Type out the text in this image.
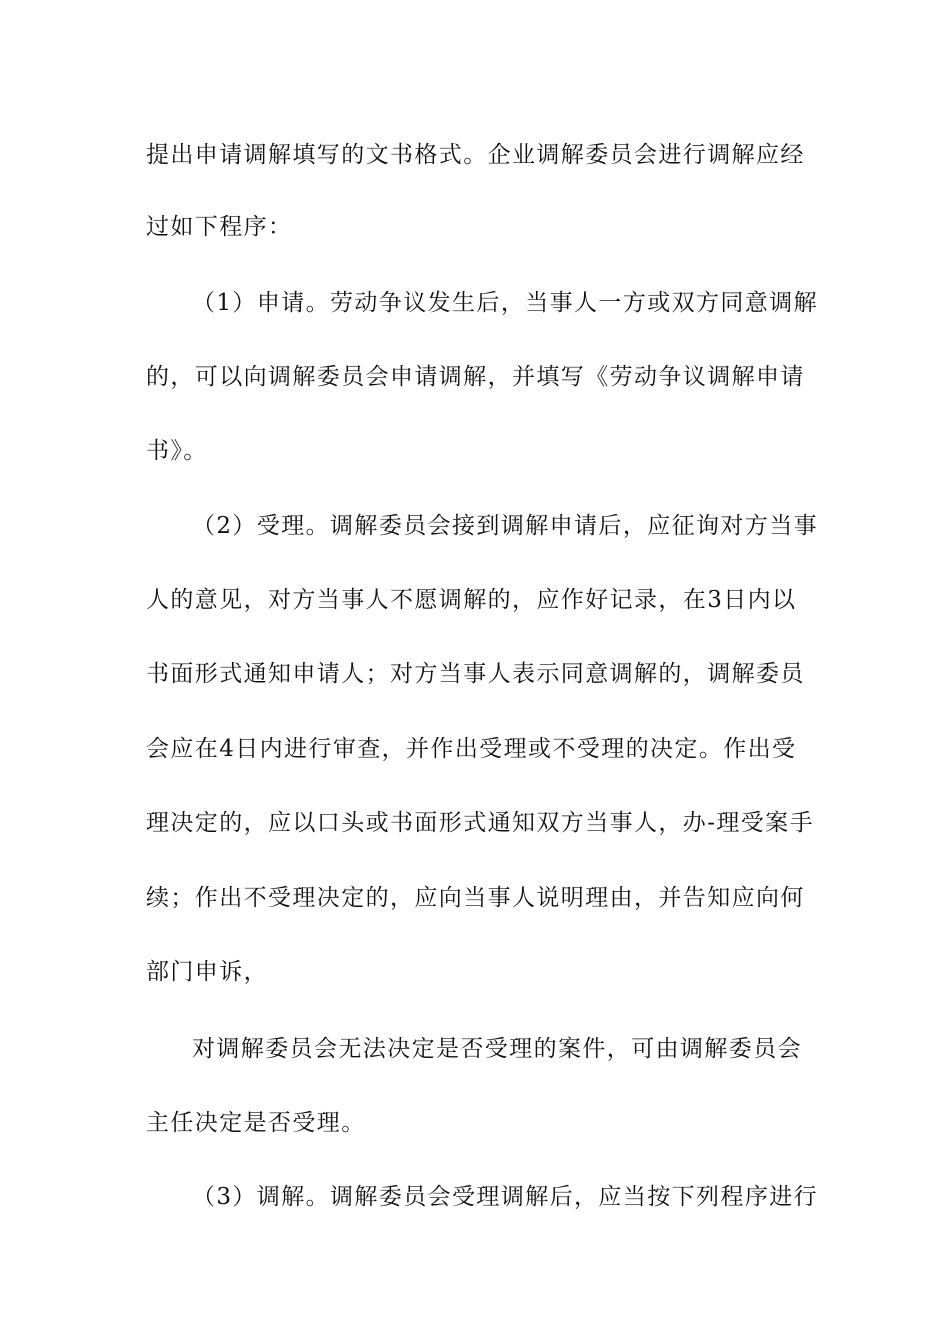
提出申请调解填写的文书格式。企业调解委员会进行调解应经
过如下程序：
（1）申请。劳动争议发生后，当事人一方或双方同意调解
的，可以向调解委员会申请调解，并填写《劳动争议调解申请
书》。
（2）受理。调解委员会接到调解申请后，应征询对方当事
人的意见，对方当事人不愿调解的，应作好记录，在3日内以
书面形式通知申请人；对方当事人表示同意调解的，调解委员
会应在4日内进行审查，并作出受理或不受理的决定。作出受
理决定的，应以口头或书面形式通知双方当事人，办-理受案手
续；作出不受理决定的，应向当事人说明理由，并告知应向何
部门申诉，
对调解委员会无法决定是否受理的案件，可由调解委员会
主任决定是否受理。
（3）调解。调解委员会受理调解后，应当按下列程序进行
